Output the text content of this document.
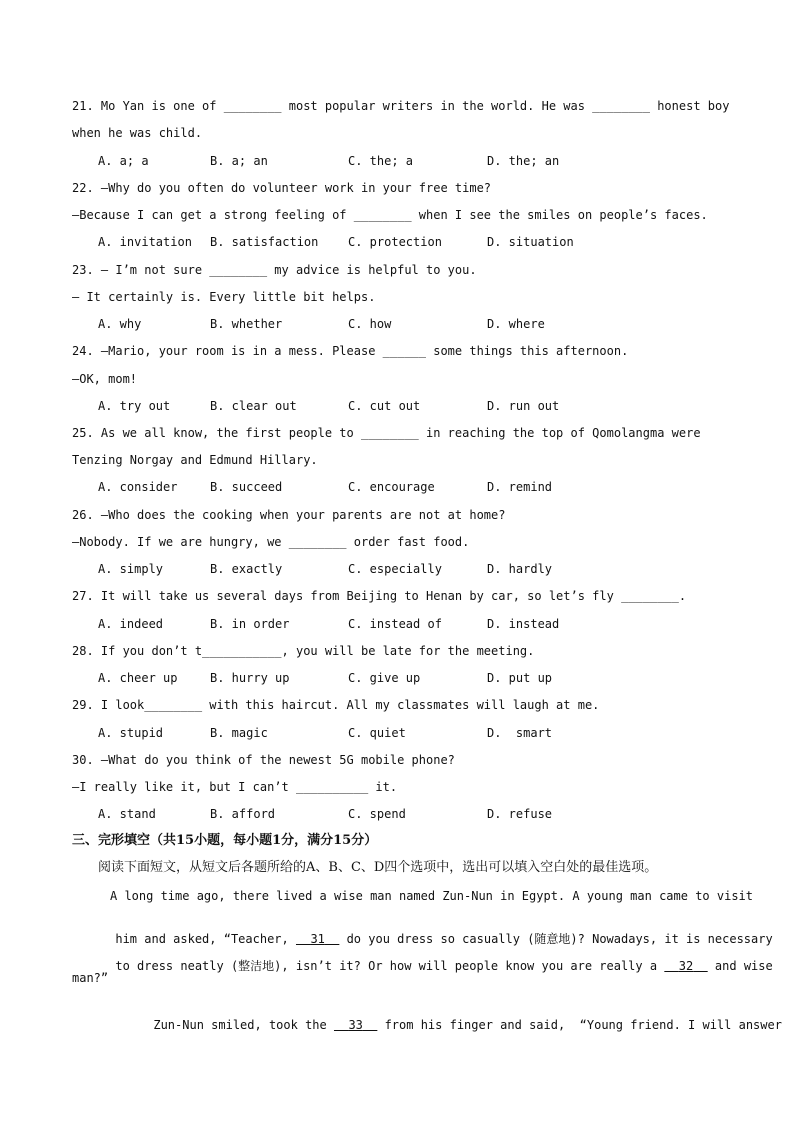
21. Mo Yan is one of ________ most popular writers in the world. He was ________ honest boy
when he was child.
A. a; a	B. a; an	C. the; a	D. the; an
22. —Why do you often do volunteer work in your free time?
—Because I can get a strong feeling of ________ when I see the smiles on people’s faces.
A. invitation B. satisfaction C. protection	D. situation
23. — I’m not sure ________ my advice is helpful to you.
— It certainly is. Every little bit helps.
A. why	B. whether	C. how	D. where
24. —Mario, your room is in a mess. Please ______ some things this afternoon.
—OK, mom!
A. try out	B. clear out	C. cut out	D. run out
25. As we all know, the first people to ________ in reaching the top of Qomolangma were
Tenzing Norgay and Edmund Hillary.
A. consider	B. succeed	C. encourage	D. remind
26. —Who does the cooking when your parents are not at home?
—Nobody. If we are hungry, we ________ order fast food.
A. simply	B. exactly	C. especially	D. hardly
27. It will take us several days from Beijing to Henan by car, so let’s fly ________.
A. indeed	B. in order	C. instead of	D. instead
28. If you don’t t___________, you will be late for the meeting.
A. cheer up	B. hurry up	C. give up	D. put up
29. I look________ with this haircut. All my classmates will laugh at me.
A. stupid	B. magic	C. quiet	D.  smart
30. —What do you think of the newest 5G mobile phone?
—I really like it, but I can’t __________ it.
A. stand	B. afford	C. spend	D. refuse
三、完形填空（共15小题，每小题1分，满分15分）
阅读下面短文，从短文后各题所给的A、B、C、D四个选项中，选出可以填入空白处的最佳选项。
A long time ago, there lived a wise man named Zun-Nun in Egypt. A young man came to visit

him and asked, “Teacher, 31 do you dress so casually (随意地)? Nowadays, it is necessary

to dress neatly (整洁地), isn’t it? Or how will people know you are really a 32 and wise

man?”

Zun-Nun smiled, took the 33 from his finger and said, “Young friend. I will answer
